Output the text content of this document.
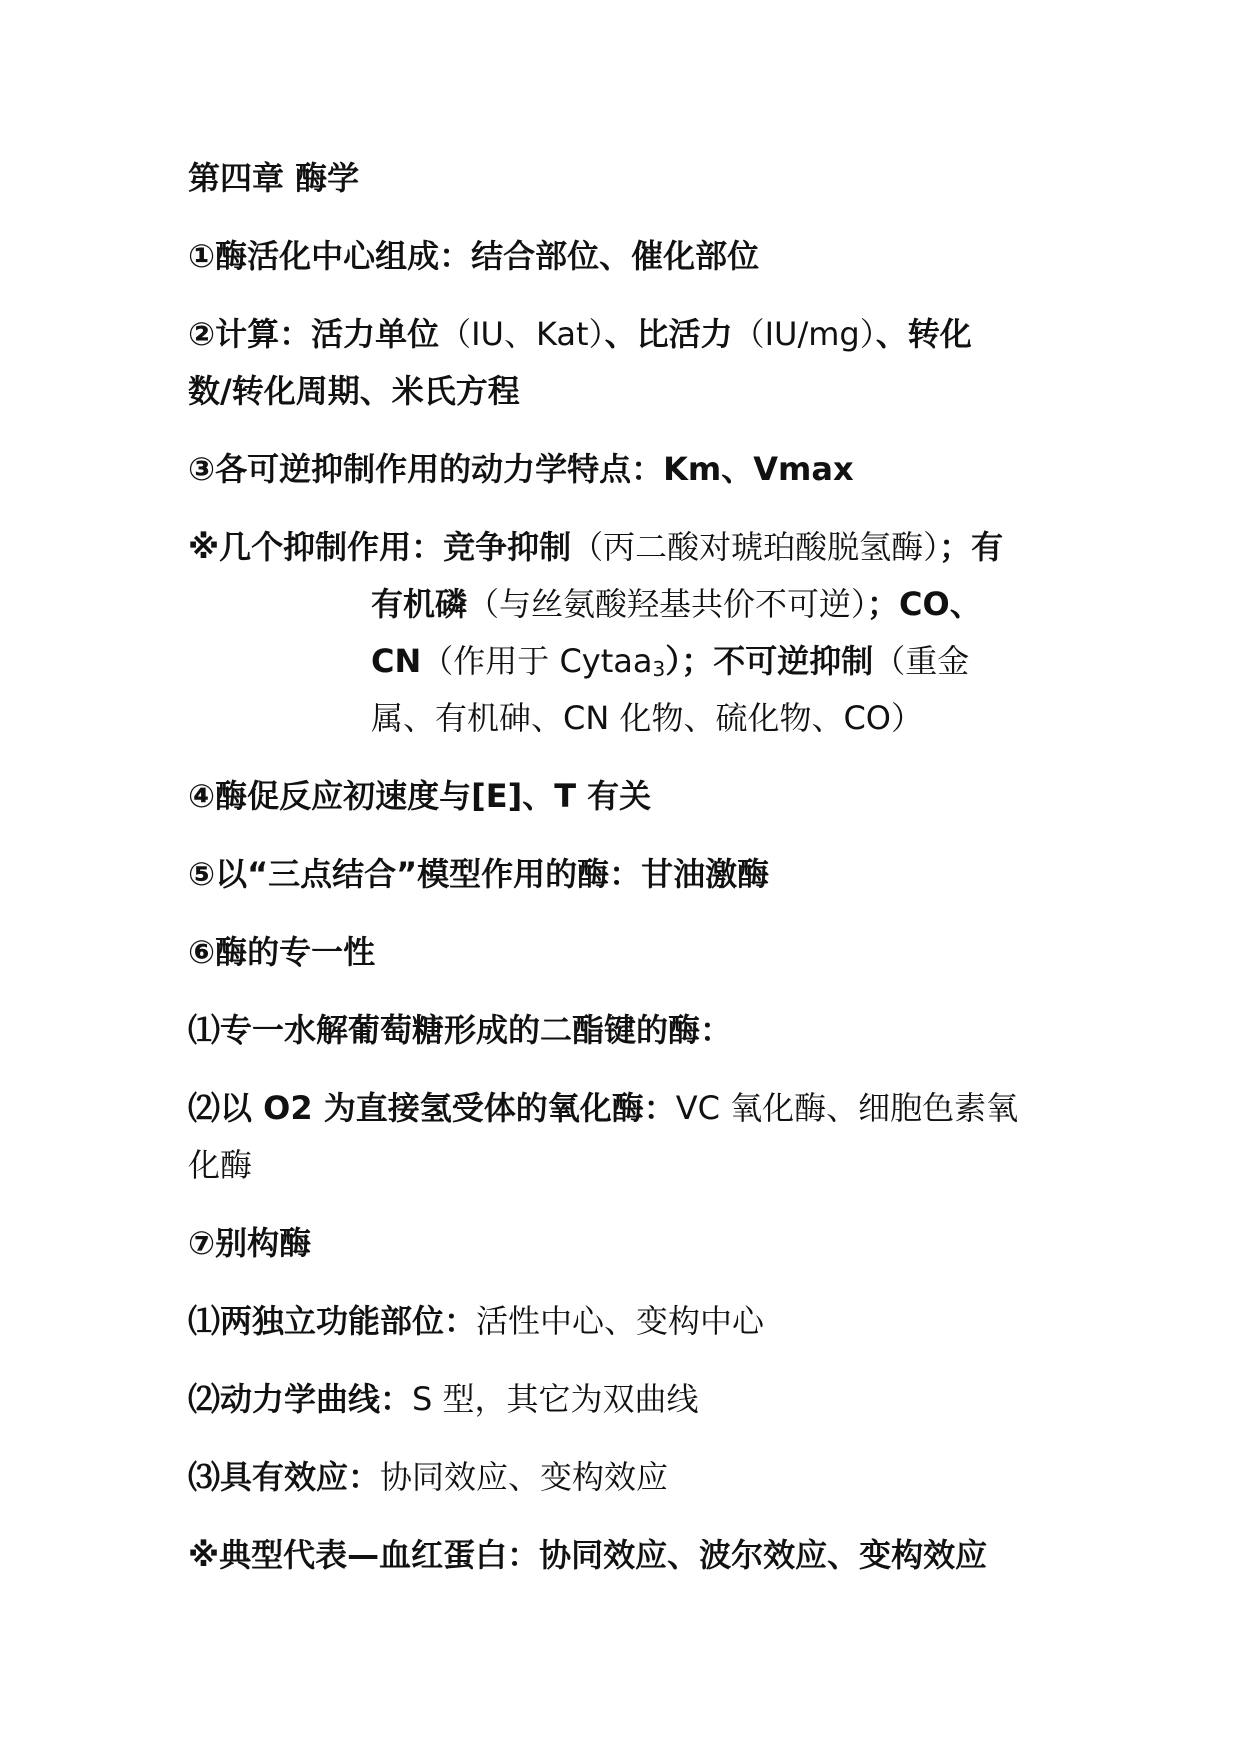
第四章 酶学
①酶活化中心组成：结合部位、催化部位
②计算：活力单位（IU、Kat）、比活力（IU/mg）、转化
数/转化周期、米氏方程
③各可逆抑制作用的动力学特点：Km、Vmax
※几个抑制作用：竞争抑制（丙二酸对琥珀酸脱氢酶）；有
有机磷（与丝氨酸羟基共价不可逆）；CO、
CN（作用于 Cytaa$_3$）；不可逆抑制（重金
属、有机砷、CN 化物、硫化物、CO）
④酶促反应初速度与[E]、T 有关
⑤以“三点结合”模型作用的酶：甘油激酶
⑥酶的专一性
⑴专一水解葡萄糖形成的二酯键的酶：
⑵以 O2 为直接氢受体的氧化酶：VC 氧化酶、细胞色素氧
化酶
⑦别构酶
⑴两独立功能部位：活性中心、变构中心
⑵动力学曲线：S 型，其它为双曲线
⑶具有效应：协同效应、变构效应
※典型代表—血红蛋白：协同效应、波尔效应、变构效应
